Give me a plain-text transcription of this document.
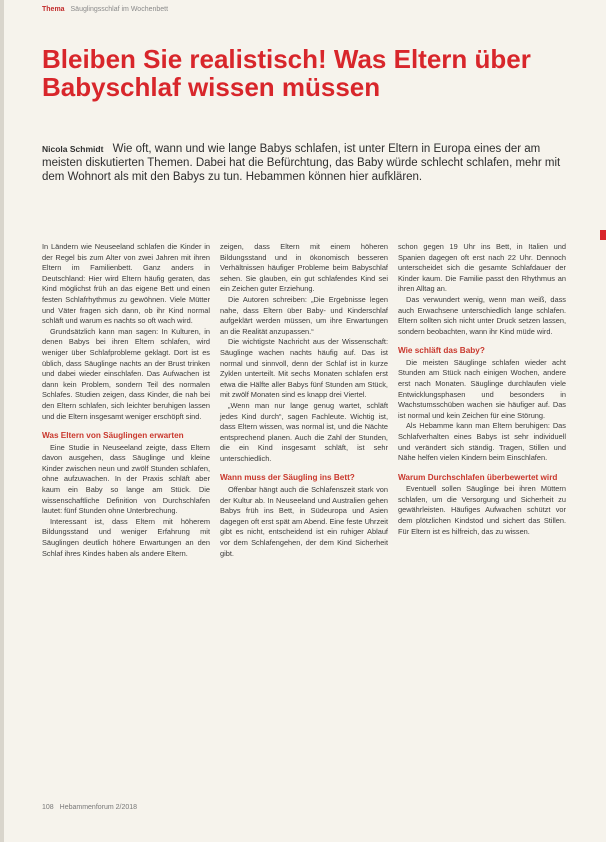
Thema Säuglingsschlaf im Wochenbett
Bleiben Sie realistisch! Was Eltern über Babyschlaf wissen müssen

Nicola Schmidt Wie oft, wann und wie lange Babys schlafen, ist unter Eltern in Europa eines der am meisten diskutierten Themen. Dabei hat die Befürchtung, das Baby würde schlecht schlafen, mehr mit dem Wohnort als mit den Babys zu tun. Hebammen können hier aufklären.

In Ländern wie Neuseeland schlafen die Kinder in der Regel bis zum Alter von zwei Jahren mit ihren Eltern im Familienbett. Ganz anders in Deutschland: Hier wird Eltern häufig geraten, das Kind möglichst früh an das eigene Bett und einen festen Schlafrhythmus zu gewöhnen. Viele Mütter und Väter fragen sich dann, ob ihr Kind normal schläft und warum es nachts so oft wach wird.

Grundsätzlich kann man sagen: In Kulturen, in denen Babys bei ihren Eltern schlafen, wird weniger über Schlafprobleme geklagt. Dort ist es üblich, dass Säuglinge nachts an der Brust trinken und dabei wieder einschlafen. Das Aufwachen ist dann kein Problem, sondern Teil des normalen Schlafes. Studien zeigen, dass Kinder, die nah bei den Eltern schlafen, sich leichter beruhigen lassen und die Eltern insgesamt weniger erschöpft sind.

Was Eltern von Säuglingen erwarten

Eine Studie in Neuseeland zeigte, dass Eltern davon ausgehen, dass Säuglinge und kleine Kinder zwischen neun und zwölf Stunden schlafen, ohne aufzuwachen. In der Praxis schläft aber kaum ein Baby so lange am Stück. Die wissenschaftliche Definition von Durchschlafen lautet: fünf Stunden ohne Unterbrechung.

Interessant ist, dass Eltern mit höherem Bildungsstand und weniger Erfahrung mit Säuglingen deutlich höhere Erwartungen an den Schlaf ihres Kindes haben als andere Eltern.

zeigen, dass Eltern mit einem höheren Bildungsstand und in ökonomisch besseren Verhältnissen häufiger Probleme beim Babyschlaf sehen. Sie glauben, ein gut schlafendes Kind sei ein Zeichen guter Erziehung.

Die Autoren schreiben: „Die Ergebnisse legen nahe, dass Eltern über Baby- und Kinderschlaf aufgeklärt werden müssen, um ihre Erwartungen an die Realität anzupassen.“

Die wichtigste Nachricht aus der Wissenschaft: Säuglinge wachen nachts häufig auf. Das ist normal und sinnvoll, denn der Schlaf ist in kurze Zyklen unterteilt. Mit sechs Monaten schlafen erst etwa die Hälfte aller Babys fünf Stunden am Stück, mit zwölf Monaten sind es knapp drei Viertel.

„Wenn man nur lange genug wartet, schläft jedes Kind durch“, sagen Fachleute. Wichtig ist, dass Eltern wissen, was normal ist, und die Nächte entsprechend planen. Auch die Zahl der Stunden, die ein Kind insgesamt schläft, ist sehr unterschiedlich.

Wann muss der Säugling ins Bett?

Offenbar hängt auch die Schlafenszeit stark von der Kultur ab. In Neuseeland und Australien gehen Babys früh ins Bett, in Südeuropa und Asien dagegen oft erst spät am Abend. Eine feste Uhrzeit gibt es nicht, entscheidend ist ein ruhiger Ablauf vor dem Schlafengehen, der dem Kind Sicherheit gibt.

schon gegen 19 Uhr ins Bett, in Italien und Spanien dagegen oft erst nach 22 Uhr. Dennoch unterscheidet sich die gesamte Schlafdauer der Kinder kaum. Die Familie passt den Rhythmus an ihren Alltag an.

Das verwundert wenig, wenn man weiß, dass auch Erwachsene unterschiedlich lange schlafen. Eltern sollten sich nicht unter Druck setzen lassen, sondern beobachten, wann ihr Kind müde wird.

Wie schläft das Baby?

Die meisten Säuglinge schlafen wieder acht Stunden am Stück nach einigen Wochen, andere erst nach Monaten. Säuglinge durchlaufen viele Entwicklungsphasen und besonders in Wachstumsschüben wachen sie häufiger auf. Das ist normal und kein Zeichen für eine Störung.

Als Hebamme kann man Eltern beruhigen: Das Schlafverhalten eines Babys ist sehr individuell und verändert sich ständig. Tragen, Stillen und Nähe helfen vielen Kindern beim Einschlafen.

Warum Durchschlafen überbewertet wird

Eventuell sollen Säuglinge bei ihren Müttern schlafen, um die Versorgung und Sicherheit zu gewährleisten. Häufiges Aufwachen schützt vor dem plötzlichen Kindstod und sichert das Stillen. Für Eltern ist es hilfreich, das zu wissen.

108 Hebammenforum 2/2018
